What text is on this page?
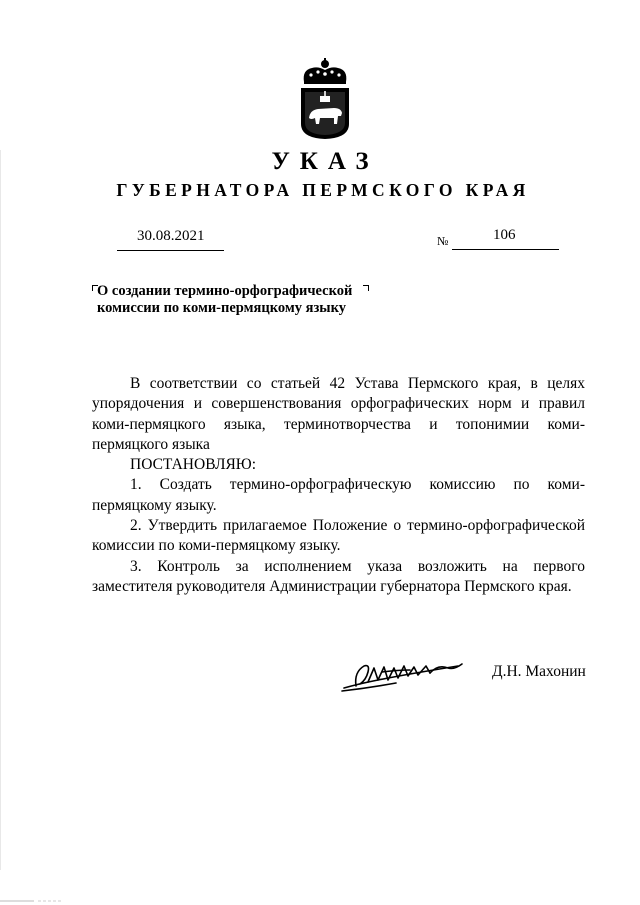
УКАЗ
ГУБЕРНАТОРА ПЕРМСКОГО КРАЯ
30.08.2021	№	106
О создании термино-орфографической
комиссии по коми-пермяцкому языку

В соответствии со статьей 42 Устава Пермского края, в целях упорядочения и совершенствования орфографических норм и правил коми-пермяцкого языка, терминотворчества и топонимии коми-пермяцкого языка

ПОСТАНОВЛЯЮ:

1. Создать термино-орфографическую комиссию по коми-пермяцкому языку.

2. Утвердить прилагаемое Положение о термино-орфографической комиссии по коми-пермяцкому языку.

3. Контроль за исполнением указа возложить на первого заместителя руководителя Администрации губернатора Пермского края.

Д.Н. Махонин
